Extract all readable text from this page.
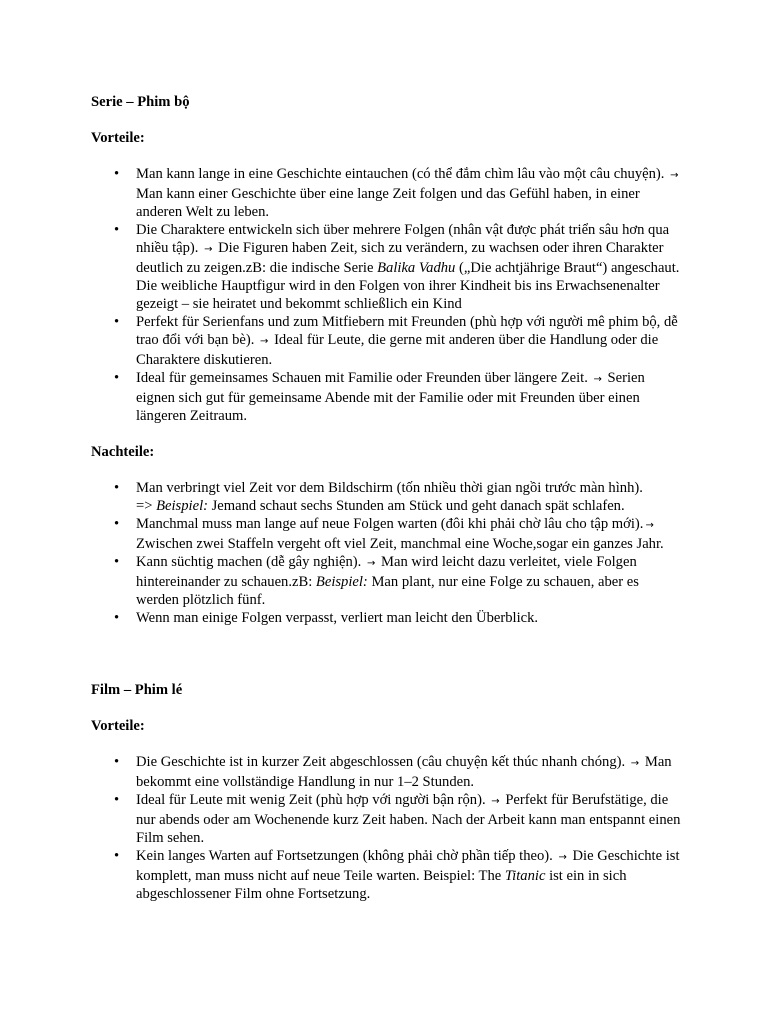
Serie – Phim bộ

Vorteile:

• Man kann lange in eine Geschichte eintauchen (có thể đắm chìm lâu vào một câu chuyện). → Man kann einer Geschichte über eine lange Zeit folgen und das Gefühl haben, in einer anderen Welt zu leben.
• Die Charaktere entwickeln sich über mehrere Folgen (nhân vật được phát triển sâu hơn qua nhiều tập). → Die Figuren haben Zeit, sich zu verändern, zu wachsen oder ihren Charakter deutlich zu zeigen.zB: die indische Serie Balika Vadhu („Die achtjährige Braut“) angeschaut. Die weibliche Hauptfigur wird in den Folgen von ihrer Kindheit bis ins Erwachsenenalter gezeigt – sie heiratet und bekommt schließlich ein Kind
• Perfekt für Serienfans und zum Mitfiebern mit Freunden (phù hợp với người mê phim bộ, dễ trao đổi với bạn bè). → Ideal für Leute, die gerne mit anderen über die Handlung oder die Charaktere diskutieren.
• Ideal für gemeinsames Schauen mit Familie oder Freunden über längere Zeit. → Serien eignen sich gut für gemeinsame Abende mit der Familie oder mit Freunden über einen längeren Zeitraum.

Nachteile:

• Man verbringt viel Zeit vor dem Bildschirm (tốn nhiều thời gian ngồi trước màn hình).
=> Beispiel: Jemand schaut sechs Stunden am Stück und geht danach spät schlafen.
• Manchmal muss man lange auf neue Folgen warten (đôi khi phải chờ lâu cho tập mới). →
Zwischen zwei Staffeln vergeht oft viel Zeit, manchmal eine Woche,sogar ein ganzes Jahr.
• Kann süchtig machen (dễ gây nghiện). → Man wird leicht dazu verleitet, viele Folgen hintereinander zu schauen.zB: Beispiel: Man plant, nur eine Folge zu schauen, aber es werden plötzlich fünf.
• Wenn man einige Folgen verpasst, verliert man leicht den Überblick.

Film – Phim lé

Vorteile:

• Die Geschichte ist in kurzer Zeit abgeschlossen (câu chuyện kết thúc nhanh chóng). → Man bekommt eine vollständige Handlung in nur 1–2 Stunden.
• Ideal für Leute mit wenig Zeit (phù hợp với người bận rộn). → Perfekt für Berufstätige, die nur abends oder am Wochenende kurz Zeit haben. Nach der Arbeit kann man entspannt einen Film sehen.
• Kein langes Warten auf Fortsetzungen (không phải chờ phần tiếp theo). → Die Geschichte ist komplett, man muss nicht auf neue Teile warten. Beispiel: The Titanic ist ein in sich abgeschlossener Film ohne Fortsetzung.
